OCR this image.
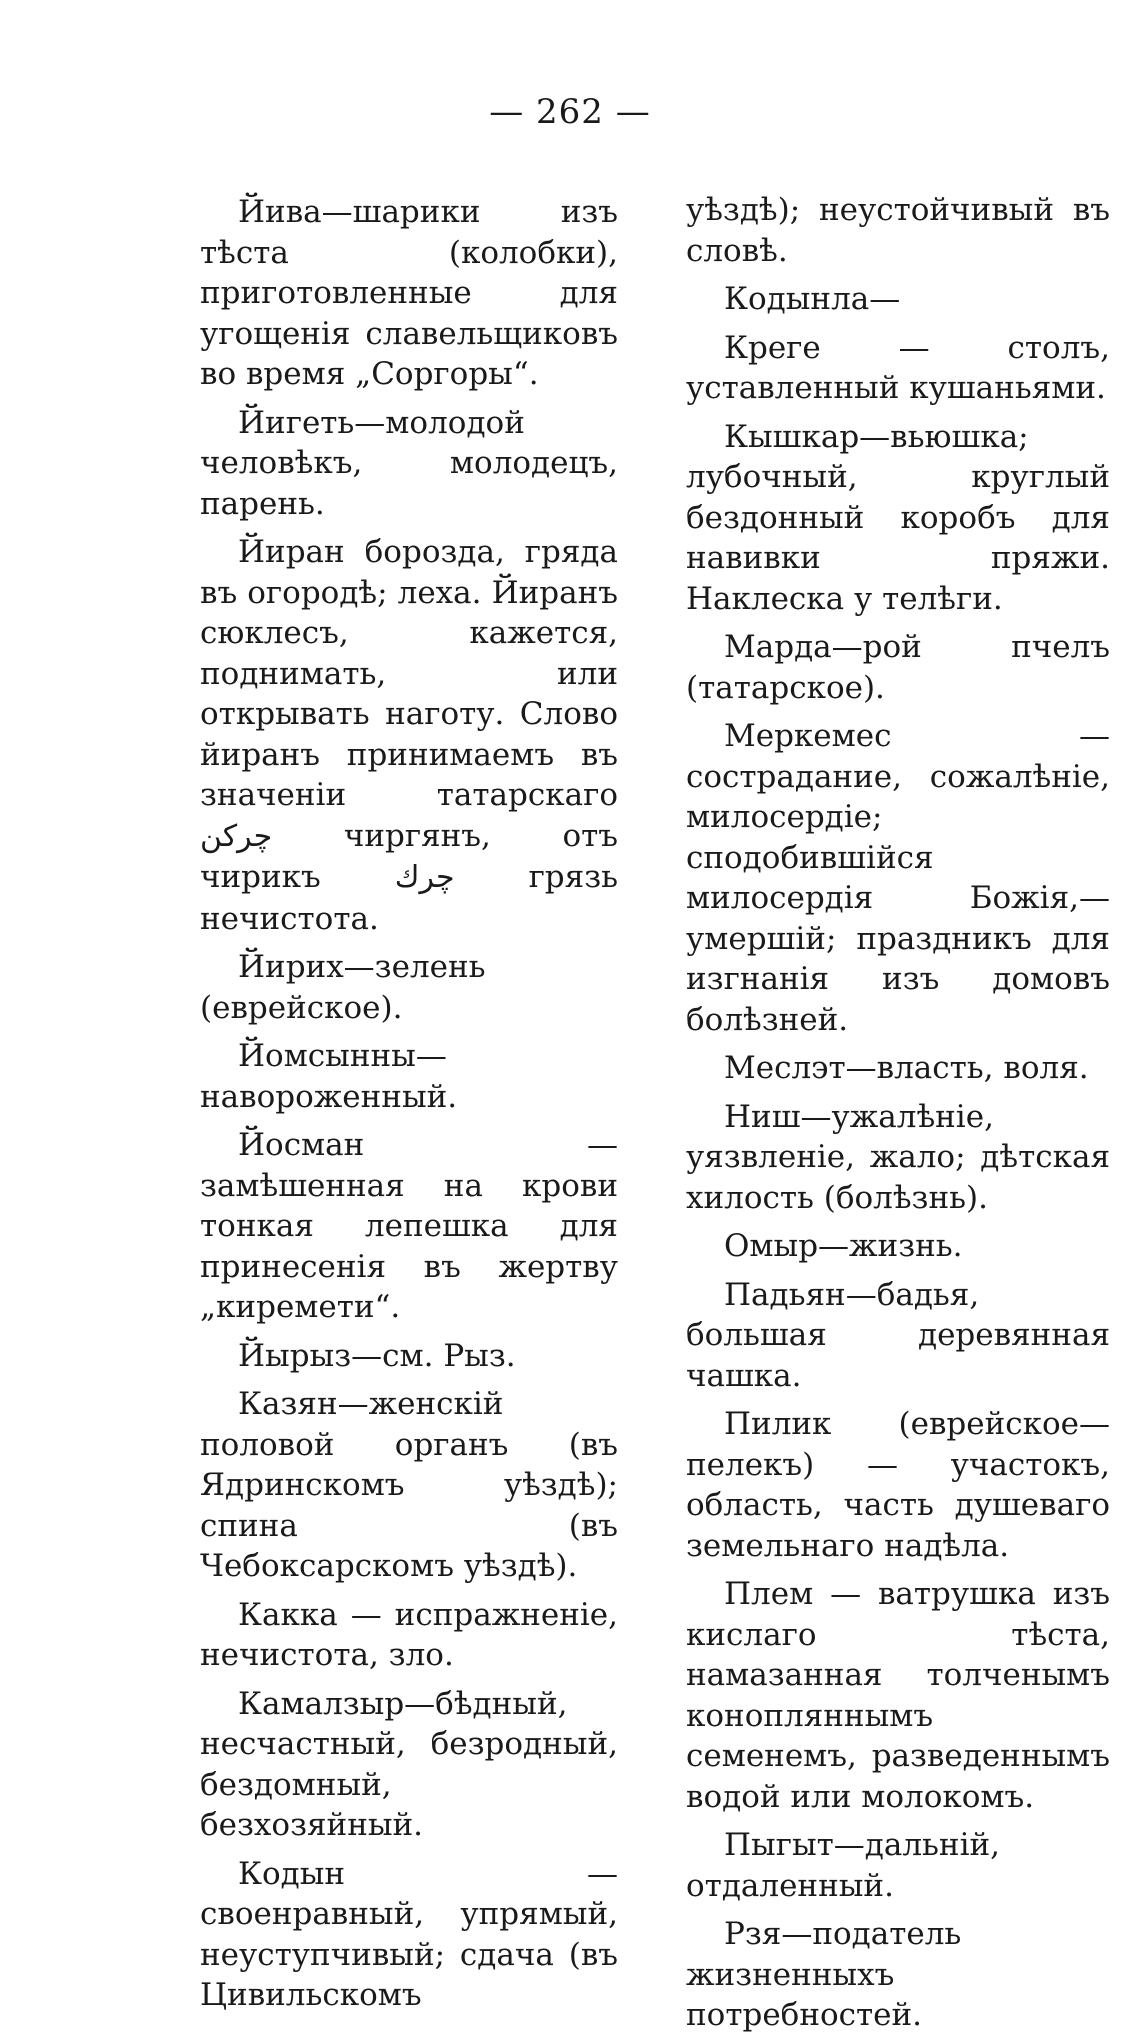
— 262 —

Йива—шарики изъ тѣста (колобки), приготовленные для угощенія славельщиковъ во время „Соргоры“.

Йигеть—молодой человѣкъ, молодецъ, парень.

Йиран борозда, гряда въ огородѣ; леха. Йиранъ сюклесъ, кажется, поднимать, или открывать наготу. Слово йиранъ принимаемъ въ значеніи татарскаго چرکن чиргянъ, отъ чирикъ چرك грязь нечистота.

Йирих—зелень (еврейское).

Йомсынны—навороженный.

Йосман — замѣшенная на крови тонкая лепешка для принесенія въ жертву „киремети“.

Йырыз—см. Рыз.

Казян—женскій половой органъ (въ Ядринскомъ уѣздѣ); спина (въ Чебоксарскомъ уѣздѣ).

Какка — испражненіе, нечистота, зло.

Камалзыр—бѣдный, несчастный, безродный, бездомный, безхозяйный.

Кодын — своенравный, упрямый, неуступчивый; сдача (въ Цивильскомъ

уѣздѣ); неустойчивый въ словѣ.

Кодынла—

Креге — столъ, уставленный кушаньями.

Кышкар—вьюшка; лубочный, круглый бездонный коробъ для навивки пряжи. Наклеска у телѣги.

Марда—рой пчелъ (татарское).

Меркемес — сострадание, сожалѣніе, милосердіе; сподобившійся милосердія Божія,—умершій; праздникъ для изгнанія изъ домовъ болѣзней.

Меслэт—власть, воля.

Ниш—ужалѣніе, уязвленіе, жало; дѣтская хилость (болѣзнь).

Омыр—жизнь.

Падьян—бадья, большая деревянная чашка.

Пилик (еврейское—пелекъ) — участокъ, область, часть душеваго земельнаго надѣла.

Плем — ватрушка изъ кислаго тѣста, намазанная толченымъ конопляннымъ семенемъ, разведеннымъ водой или молокомъ.

Пыгыт—дальній, отдаленный.

Рзя—податель жизненныхъ потребностей.
